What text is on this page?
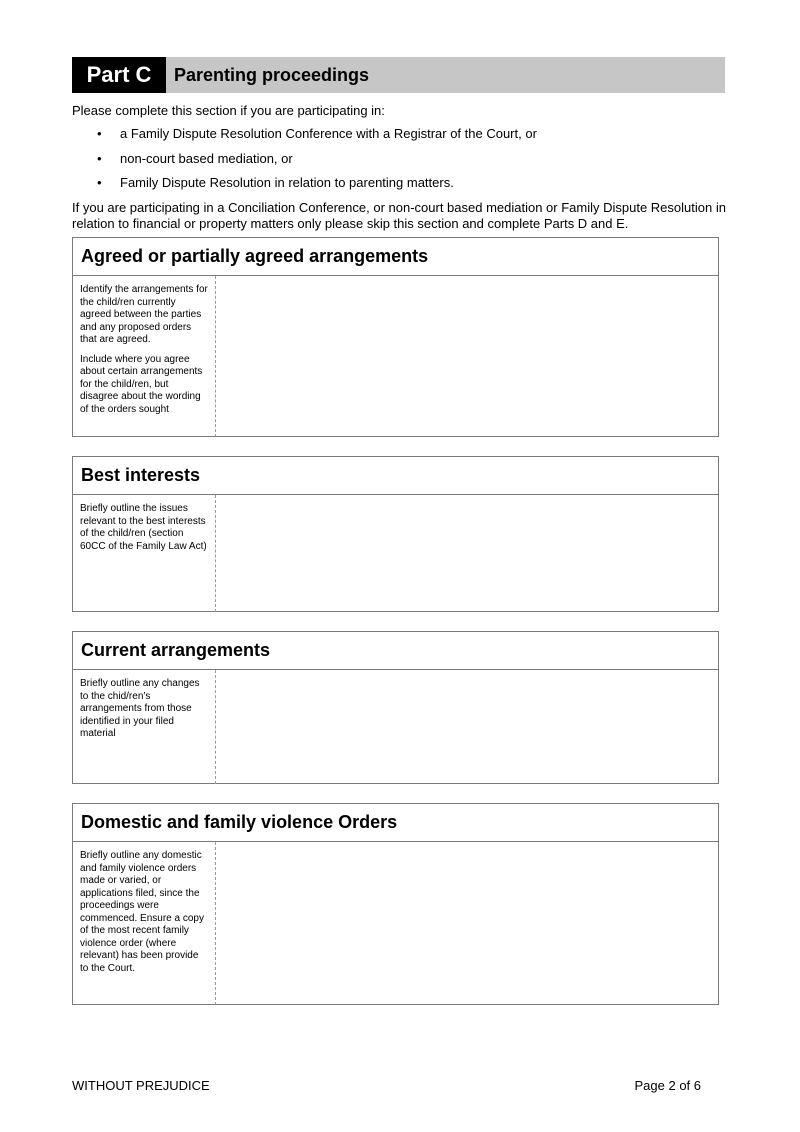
Part C	Parenting proceedings
Please complete this section if you are participating in:
• a Family Dispute Resolution Conference with a Registrar of the Court, or
• non-court based mediation, or
• Family Dispute Resolution in relation to parenting matters.
If you are participating in a Conciliation Conference, or non-court based mediation or Family Dispute Resolution in relation to financial or property matters only please skip this section and complete Parts D and E.
Agreed or partially agreed arrangements

Identify the arrangements for the child/ren currently agreed between the parties and any proposed orders that are agreed.

Include where you agree about certain arrangements for the child/ren, but disagree about the wording of the orders sought

Best interests

Briefly outline the issues relevant to the best interests of the child/ren (section 60CC of the Family Law Act)

Current arrangements

Briefly outline any changes to the chid/ren’s arrangements from those identified in your filed material

Domestic and family violence Orders

Briefly outline any domestic and family violence orders made or varied, or applications filed, since the proceedings were commenced. Ensure a copy of the most recent family violence order (where relevant) has been provide to the Court.

WITHOUT PREJUDICE	Page 2 of 6
